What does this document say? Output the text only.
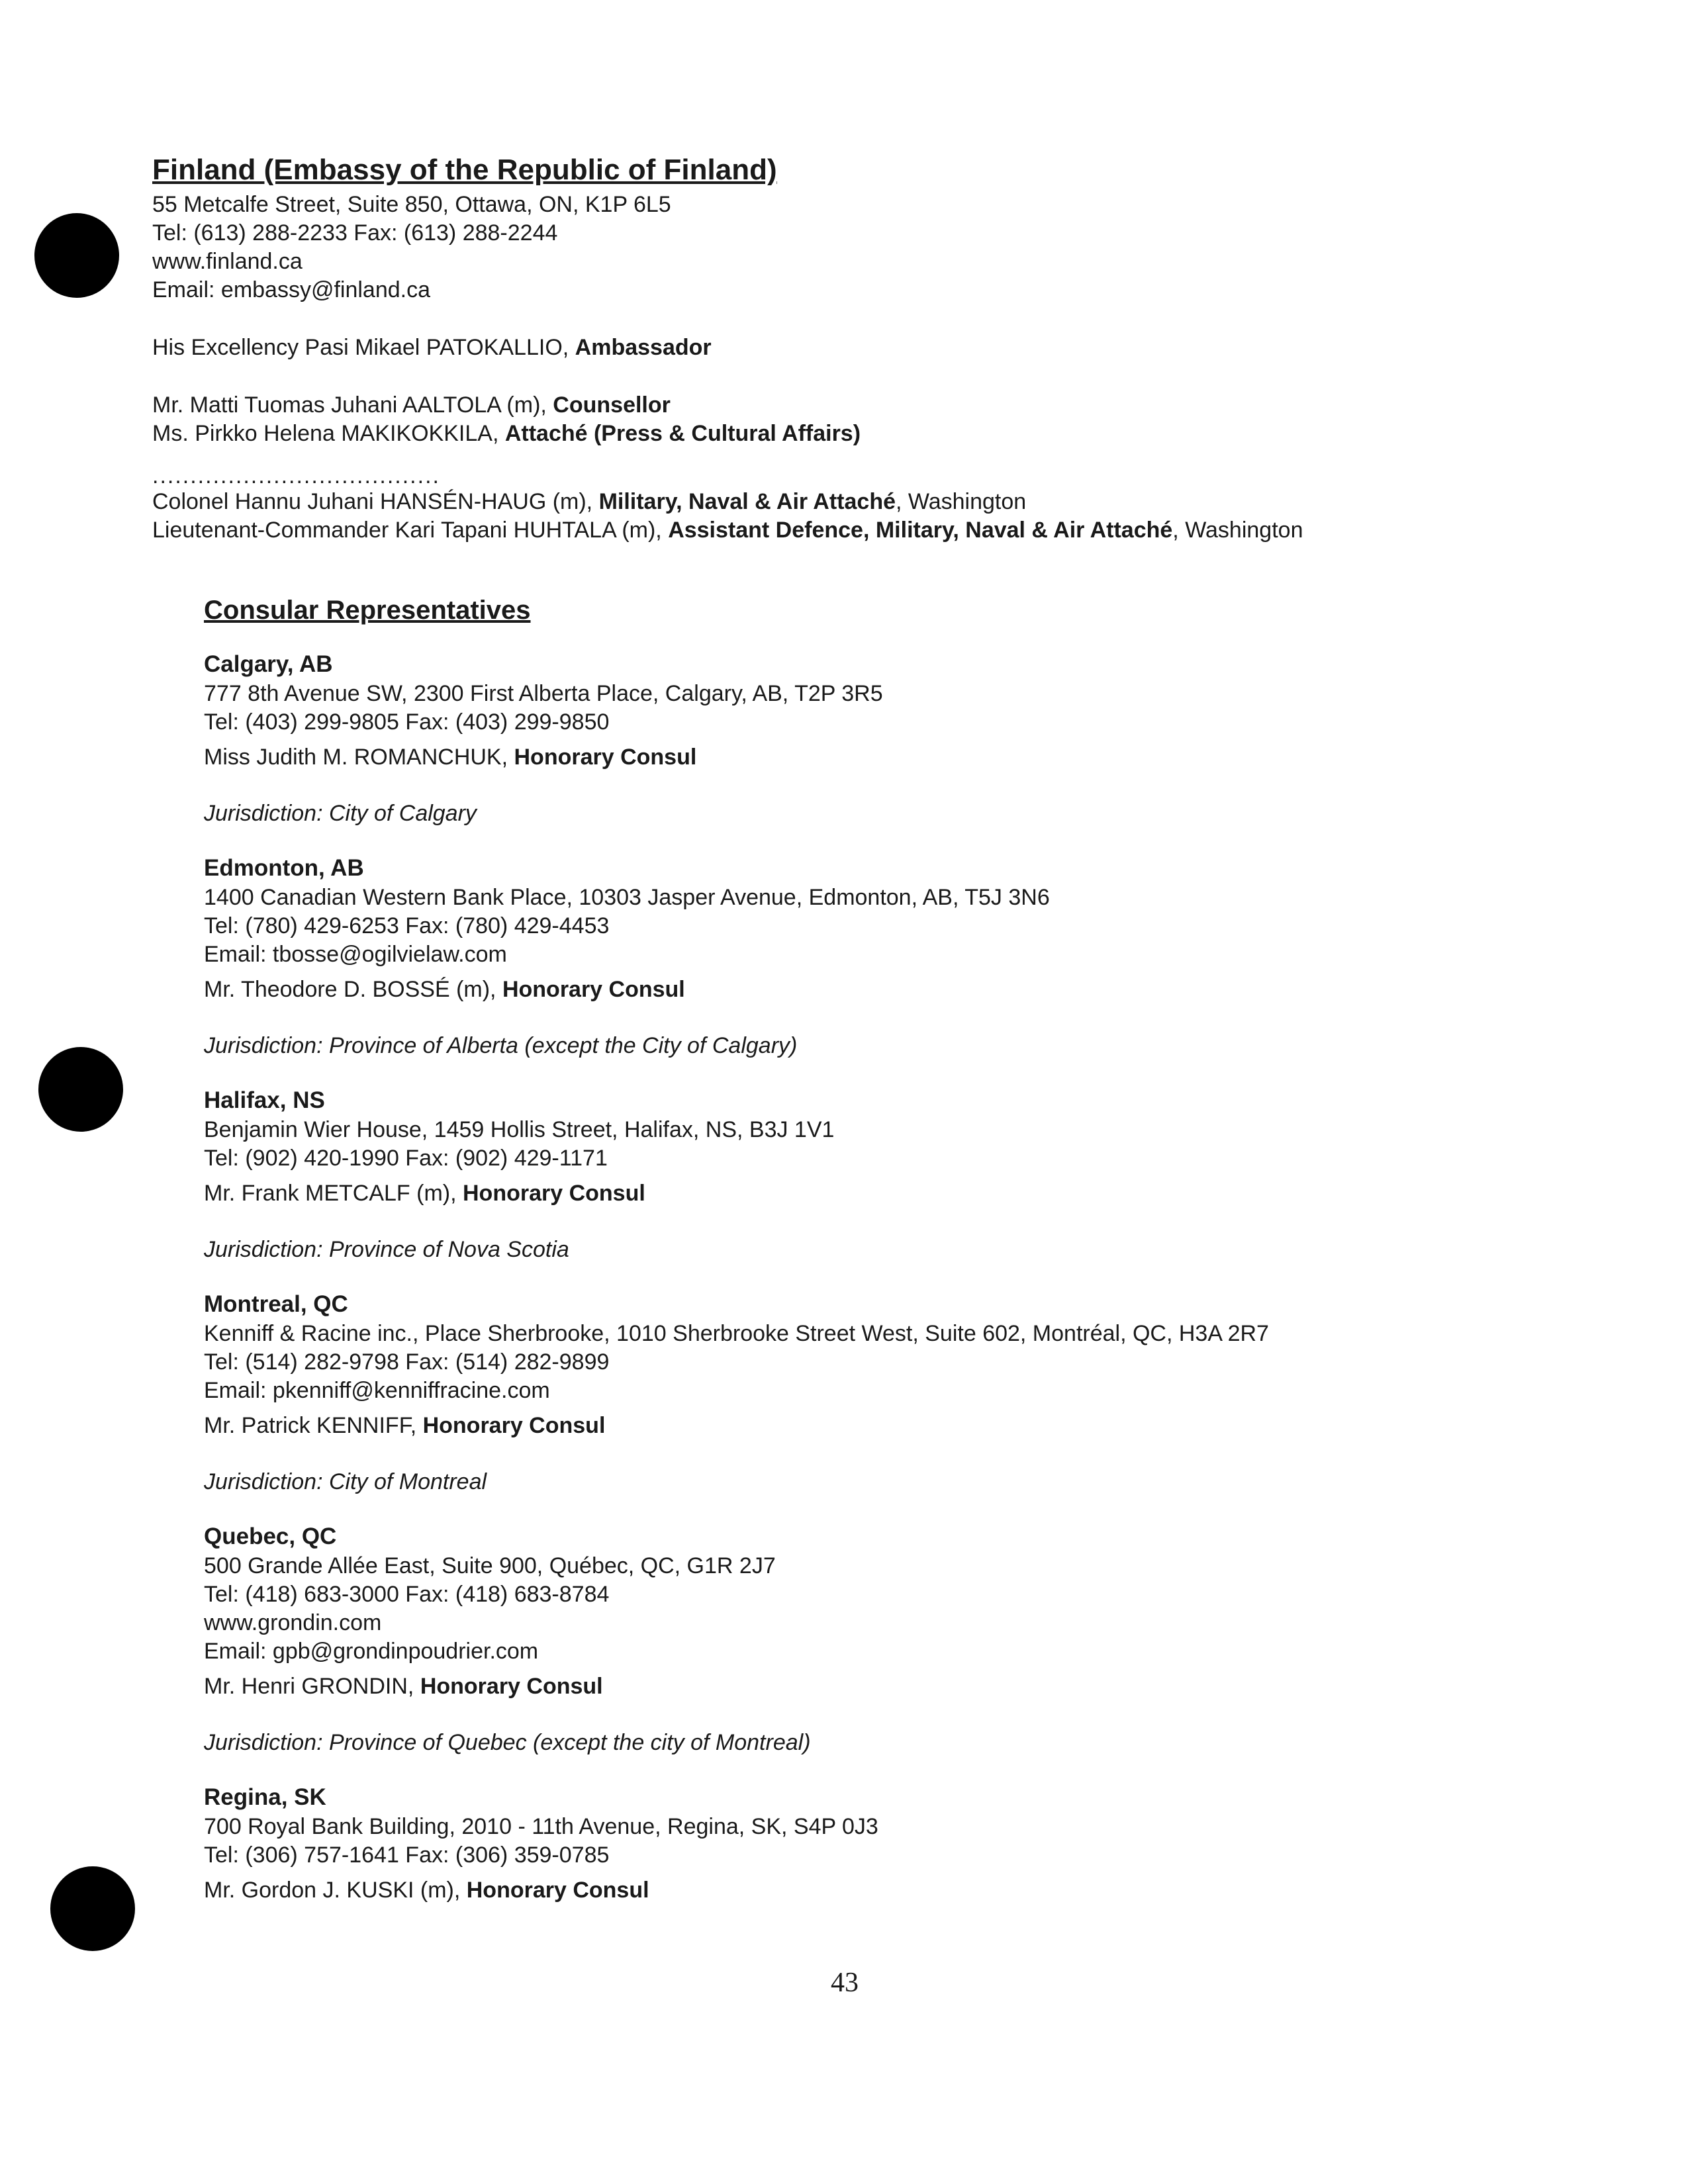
Finland (Embassy of the Republic of Finland)
55 Metcalfe Street, Suite 850, Ottawa, ON, K1P 6L5
Tel: (613) 288-2233 Fax: (613) 288-2244
www.finland.ca
Email: embassy@finland.ca
His Excellency Pasi Mikael PATOKALLIO, Ambassador
Mr. Matti Tuomas Juhani AALTOLA (m), Counsellor
Ms. Pirkko Helena MAKIKOKKILA, Attaché (Press & Cultural Affairs)
......................................
Colonel Hannu Juhani HANSÉN-HAUG (m), Military, Naval & Air Attaché, Washington
Lieutenant-Commander Kari Tapani HUHTALA (m), Assistant Defence, Military, Naval & Air Attaché, Washington
Consular Representatives
Calgary, AB
777 8th Avenue SW, 2300 First Alberta Place, Calgary, AB, T2P 3R5
Tel: (403) 299-9805 Fax: (403) 299-9850
Miss Judith M. ROMANCHUK, Honorary Consul
Jurisdiction: City of Calgary
Edmonton, AB
1400 Canadian Western Bank Place, 10303 Jasper Avenue, Edmonton, AB, T5J 3N6
Tel: (780) 429-6253 Fax: (780) 429-4453
Email: tbosse@ogilvielaw.com
Mr. Theodore D. BOSSÉ (m), Honorary Consul
Jurisdiction: Province of Alberta (except the City of Calgary)
Halifax, NS
Benjamin Wier House, 1459 Hollis Street, Halifax, NS, B3J 1V1
Tel: (902) 420-1990 Fax: (902) 429-1171
Mr. Frank METCALF (m), Honorary Consul
Jurisdiction: Province of Nova Scotia
Montreal, QC
Kenniff & Racine inc., Place Sherbrooke, 1010 Sherbrooke Street West, Suite 602, Montréal, QC, H3A 2R7
Tel: (514) 282-9798 Fax: (514) 282-9899
Email: pkenniff@kenniffracine.com
Mr. Patrick KENNIFF, Honorary Consul
Jurisdiction: City of Montreal
Quebec, QC
500 Grande Allée East, Suite 900, Québec, QC, G1R 2J7
Tel: (418) 683-3000 Fax: (418) 683-8784
www.grondin.com
Email: gpb@grondinpoudrier.com
Mr. Henri GRONDIN, Honorary Consul
Jurisdiction: Province of Quebec (except the city of Montreal)
Regina, SK
700 Royal Bank Building, 2010 - 11th Avenue, Regina, SK, S4P 0J3
Tel: (306) 757-1641 Fax: (306) 359-0785
Mr. Gordon J. KUSKI (m), Honorary Consul
43
